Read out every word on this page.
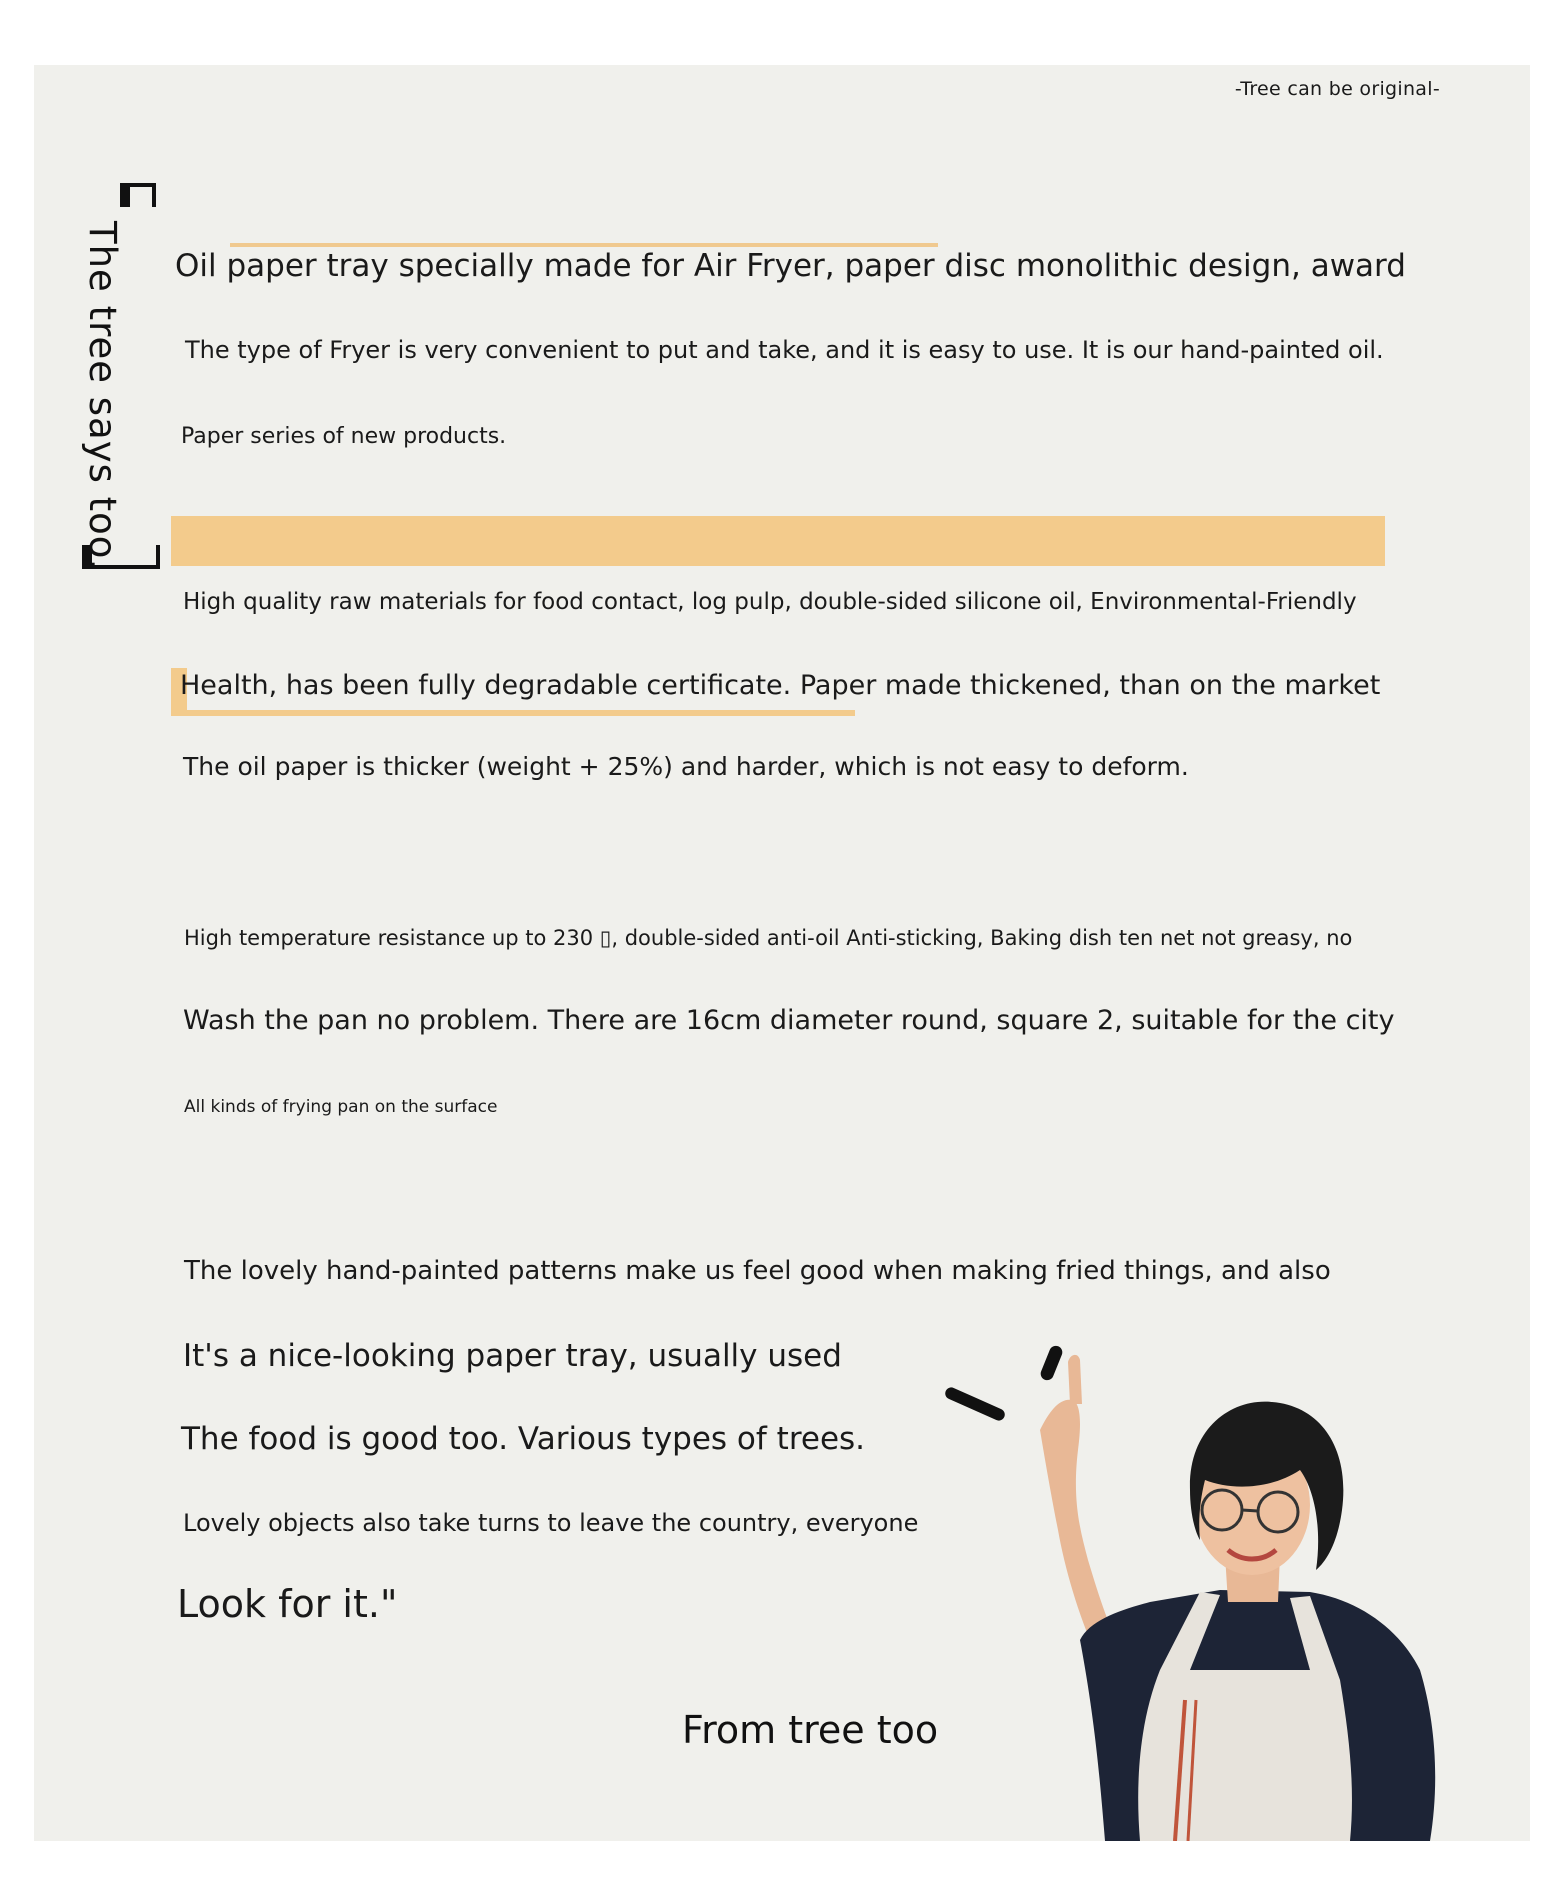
-Tree can be original-
The tree says too. Oil paper tray specially made for Air Fryer, paper disc monolithic design, award
The type of Fryer is very convenient to put and take, and it is easy to use. It is our hand-painted oil.
Paper series of new products.
High quality raw materials for food contact, log pulp, double-sided silicone oil, Environmental-Friendly
Health, has been fully degradable certificate. Paper made thickened, than on the market
The oil paper is thicker (weight + 25%) and harder, which is not easy to deform.
High temperature resistance up to 230 ▯, double-sided anti-oil Anti-sticking, Baking dish ten net not greasy, no
Wash the pan no problem. There are 16cm diameter round, square 2, suitable for the city
All kinds of frying pan on the surface
The lovely hand-painted patterns make us feel good when making fried things, and also
It's a nice-looking paper tray, usually used
The food is good too. Various types of trees.
Lovely objects also take turns to leave the country, everyone
Look for it."
From tree too
